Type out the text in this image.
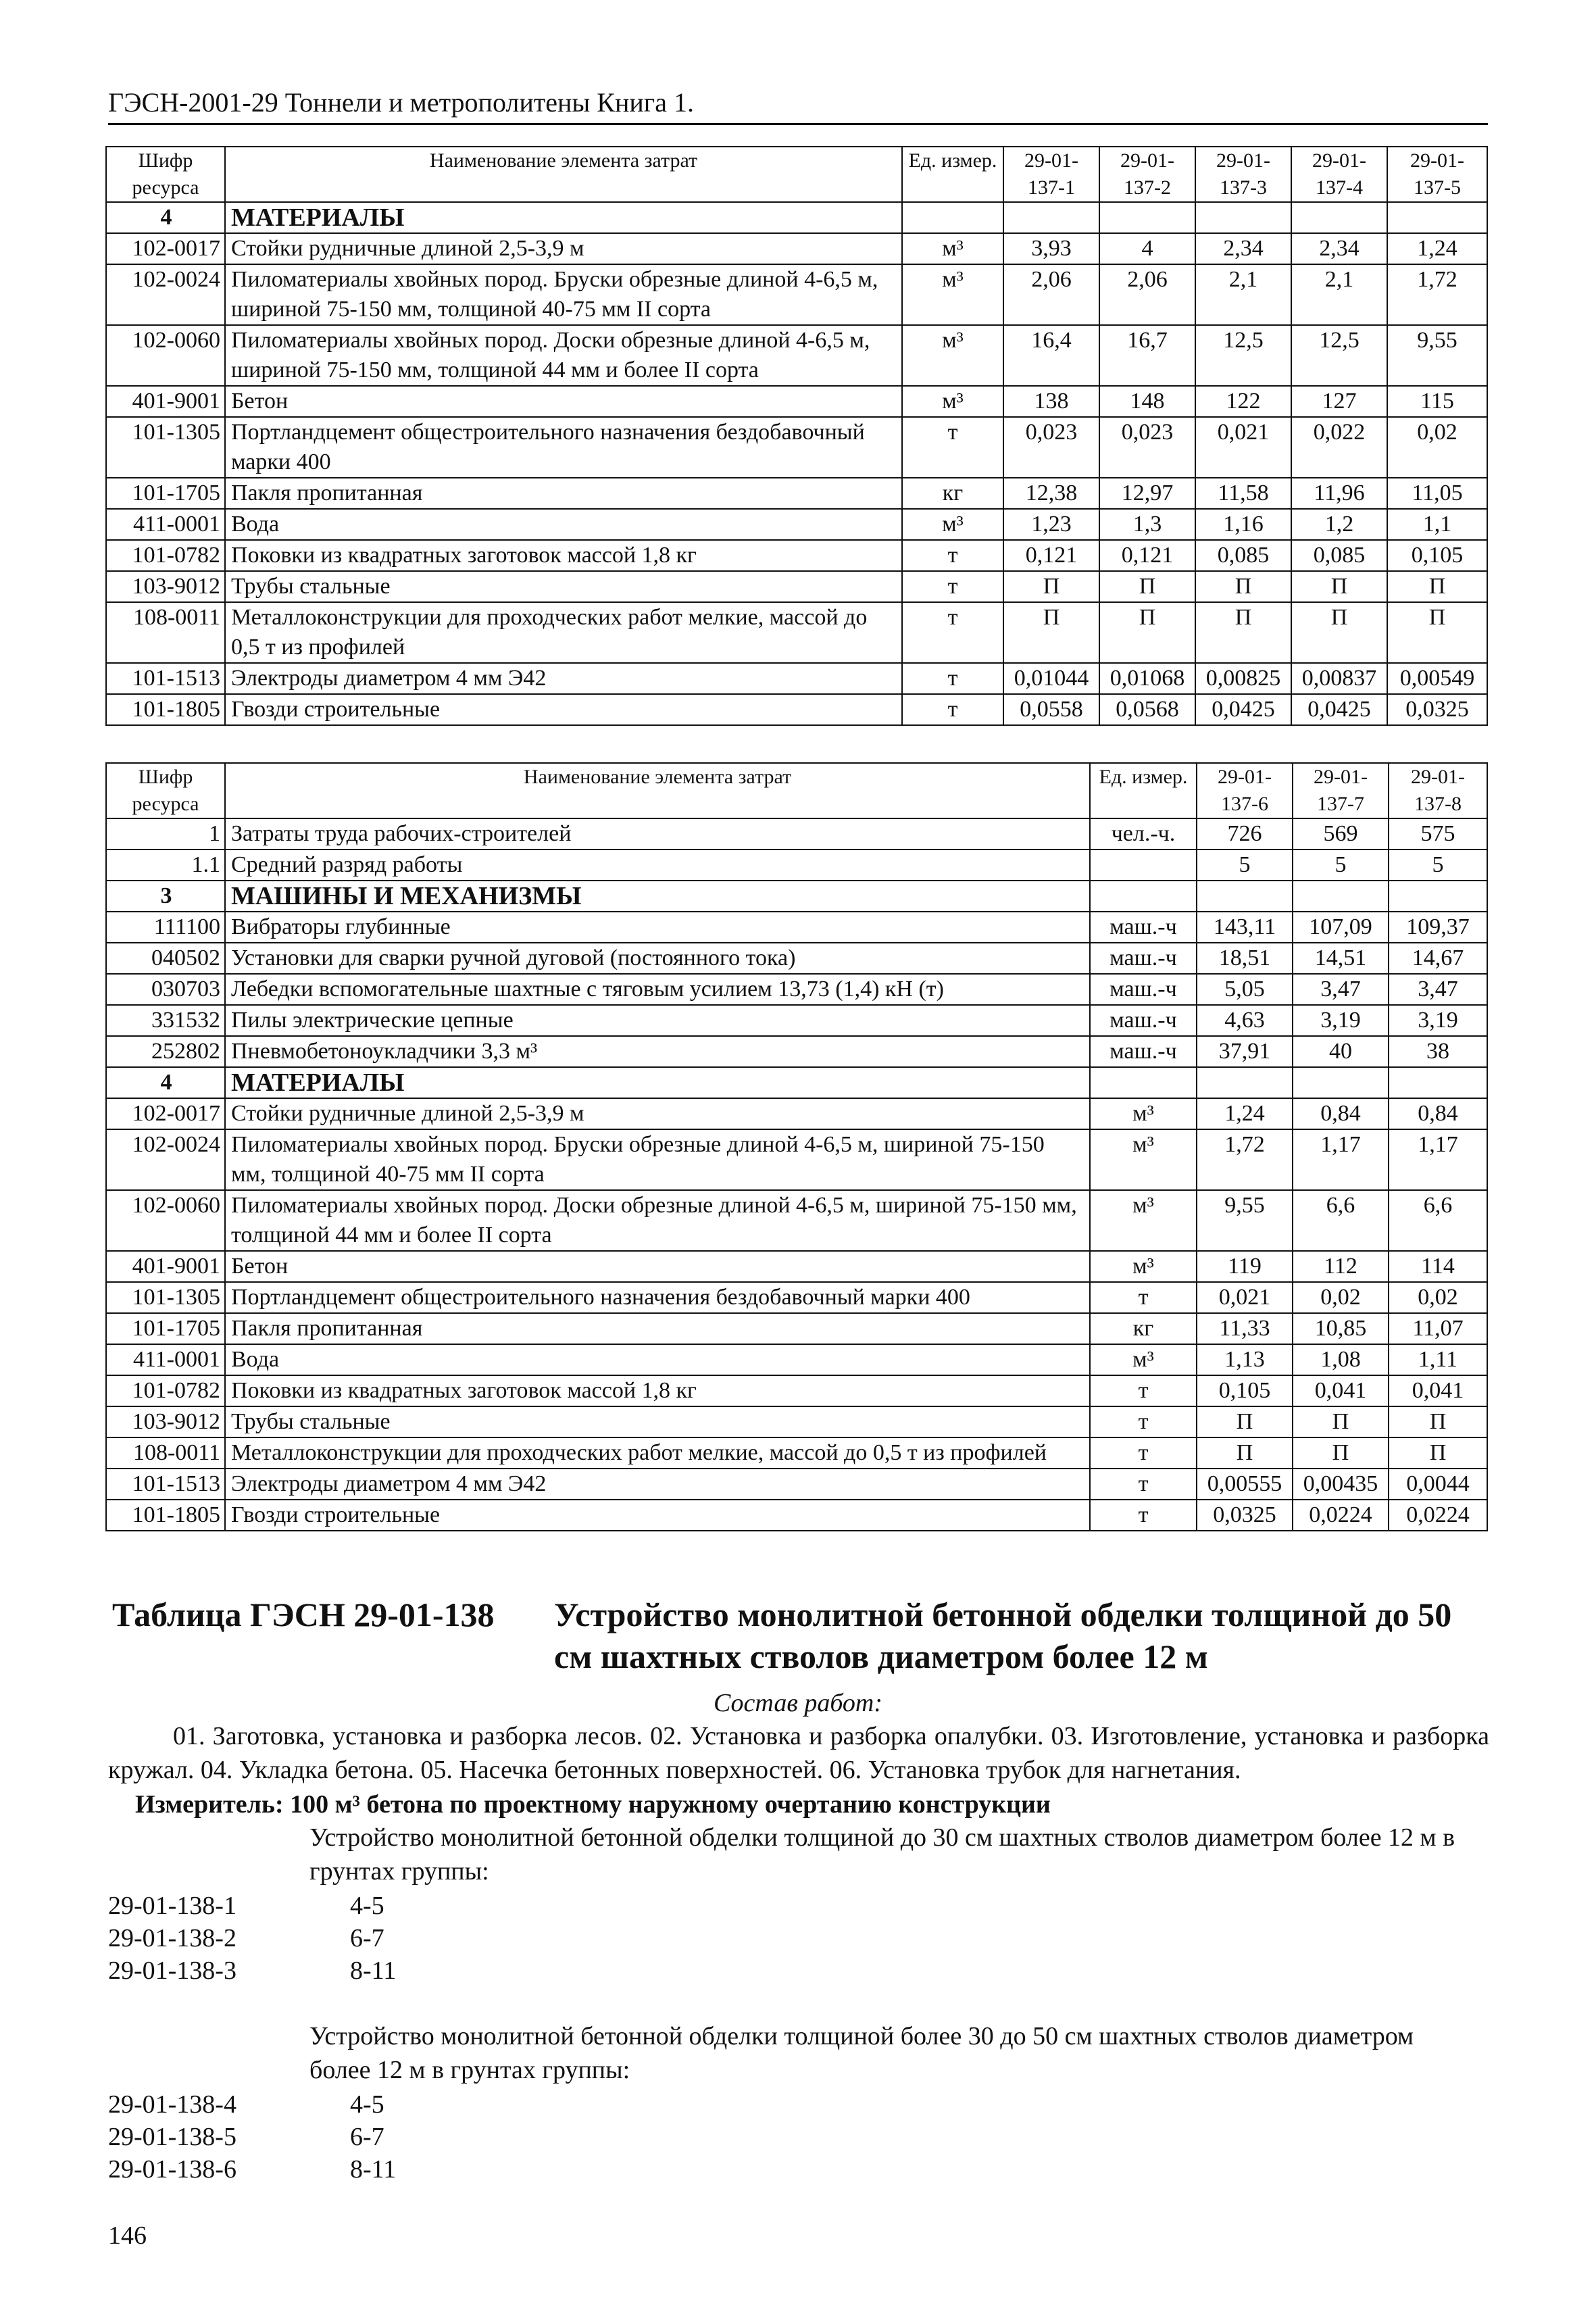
ГЭСН-2001-29 Тоннели и метрополитены Книга 1.
Шифр ресурса	Наименование элемента затрат	Ед. измер.	29-01-137-1	29-01-137-2	29-01-137-3	29-01-137-4	29-01-137-5
4	МАТЕРИАЛЫ						
102-0017	Стойки рудничные длиной 2,5-3,9 м	м³	3,93	4	2,34	2,34	1,24
102-0024	Пиломатериалы хвойных пород. Бруски обрезные длиной 4-6,5 м, шириной 75-150 мм, толщиной 40-75 мм II сорта	м³	2,06	2,06	2,1	2,1	1,72
102-0060	Пиломатериалы хвойных пород. Доски обрезные длиной 4-6,5 м, шириной 75-150 мм, толщиной 44 мм и более II сорта	м³	16,4	16,7	12,5	12,5	9,55
401-9001	Бетон	м³	138	148	122	127	115
101-1305	Портландцемент общестроительного назначения бездобавочный марки 400	т	0,023	0,023	0,021	0,022	0,02
101-1705	Пакля пропитанная	кг	12,38	12,97	11,58	11,96	11,05
411-0001	Вода	м³	1,23	1,3	1,16	1,2	1,1
101-0782	Поковки из квадратных заготовок массой 1,8 кг	т	0,121	0,121	0,085	0,085	0,105
103-9012	Трубы стальные	т	П	П	П	П	П
108-0011	Металлоконструкции для проходческих работ мелкие, массой до 0,5 т из профилей	т	П	П	П	П	П
101-1513	Электроды диаметром 4 мм Э42	т	0,01044	0,01068	0,00825	0,00837	0,00549
101-1805	Гвозди строительные	т	0,0558	0,0568	0,0425	0,0425	0,0325
Шифр ресурса	Наименование элемента затрат	Ед. измер.	29-01-137-6	29-01-137-7	29-01-137-8
1	Затраты труда рабочих-строителей	чел.-ч.	726	569	575
1.1	Средний разряд работы		5	5	5
3	МАШИНЫ И МЕХАНИЗМЫ				
111100	Вибраторы глубинные	маш.-ч	143,11	107,09	109,37
040502	Установки для сварки ручной дуговой (постоянного тока)	маш.-ч	18,51	14,51	14,67
030703	Лебедки вспомогательные шахтные с тяговым усилием 13,73 (1,4) кН (т)	маш.-ч	5,05	3,47	3,47
331532	Пилы электрические цепные	маш.-ч	4,63	3,19	3,19
252802	Пневмобетоноукладчики 3,3 м³	маш.-ч	37,91	40	38
4	МАТЕРИАЛЫ				
102-0017	Стойки рудничные длиной 2,5-3,9 м	м³	1,24	0,84	0,84
102-0024	Пиломатериалы хвойных пород. Бруски обрезные длиной 4-6,5 м, шириной 75-150 мм, толщиной 40-75 мм II сорта	м³	1,72	1,17	1,17
102-0060	Пиломатериалы хвойных пород. Доски обрезные длиной 4-6,5 м, шириной 75-150 мм, толщиной 44 мм и более II сорта	м³	9,55	6,6	6,6
401-9001	Бетон	м³	119	112	114
101-1305	Портландцемент общестроительного назначения бездобавочный марки 400	т	0,021	0,02	0,02
101-1705	Пакля пропитанная	кг	11,33	10,85	11,07
411-0001	Вода	м³	1,13	1,08	1,11
101-0782	Поковки из квадратных заготовок массой 1,8 кг	т	0,105	0,041	0,041
103-9012	Трубы стальные	т	П	П	П
108-0011	Металлоконструкции для проходческих работ мелкие, массой до 0,5 т из профилей	т	П	П	П
101-1513	Электроды диаметром 4 мм Э42	т	0,00555	0,00435	0,0044
101-1805	Гвозди строительные	т	0,0325	0,0224	0,0224
Таблица ГЭСН 29-01-138 Устройство монолитной бетонной обделки толщиной до 50 см шахтных стволов диаметром более 12 м
Состав работ:
01. Заготовка, установка и разборка лесов. 02. Установка и разборка опалубки. 03. Изготовление, установка и разборка кружал. 04. Укладка бетона. 05. Насечка бетонных поверхностей. 06. Установка трубок для нагнетания.
Измеритель: 100 м³ бетона по проектному наружному очертанию конструкции
Устройство монолитной бетонной обделки толщиной до 30 см шахтных стволов диаметром более 12 м в грунтах группы:
29-01-138-1	4-5
29-01-138-2	6-7
29-01-138-3	8-11
Устройство монолитной бетонной обделки толщиной более 30 до 50 см шахтных стволов диаметром более 12 м в грунтах группы:
29-01-138-4	4-5
29-01-138-5	6-7
29-01-138-6	8-11
146
